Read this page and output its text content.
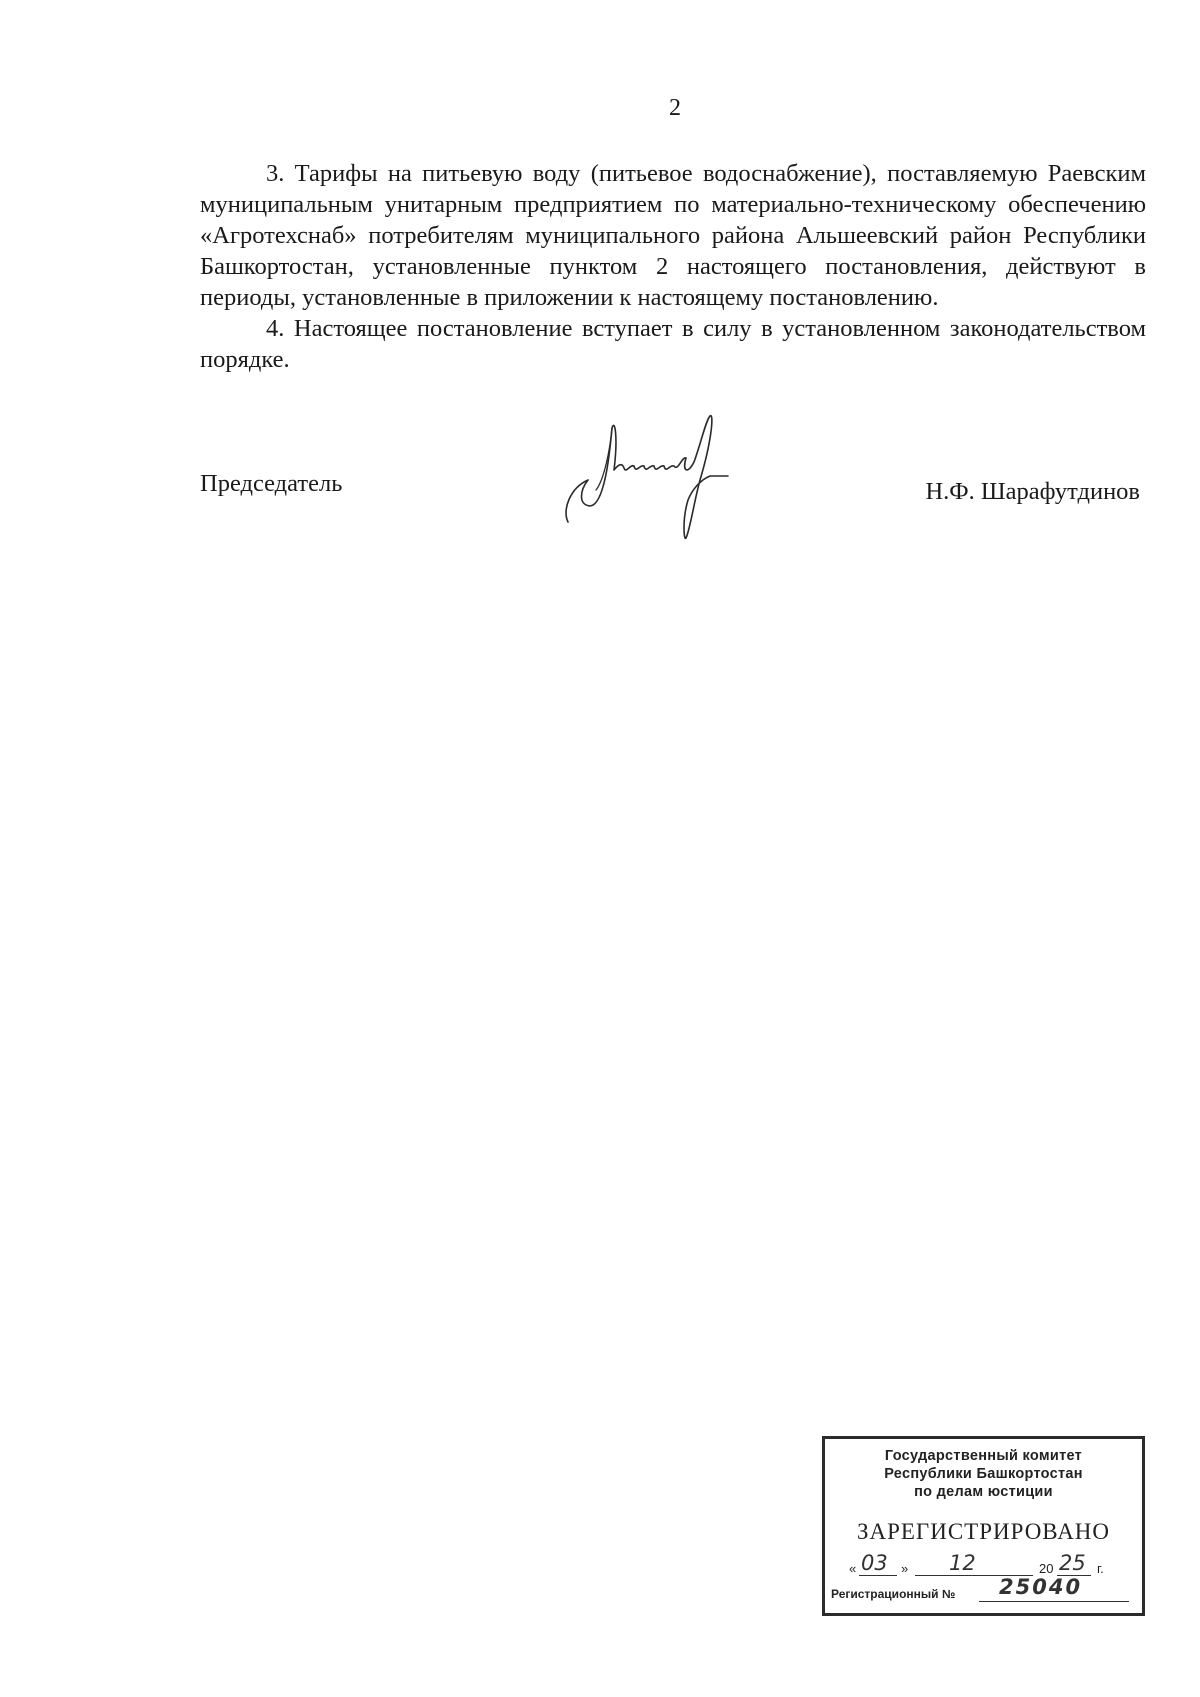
2

3. Тарифы на питьевую воду (питьевое водоснабжение), поставляемую Раевским муниципальным унитарным предприятием по материально-техническому обеспечению «Агротехснаб» потребителям муниципального района Альшеевский район Республики Башкортостан, установленные пунктом 2 настоящего постановления, действуют в периоды, установленные в приложении к настоящему постановлению.

4. Настоящее постановление вступает в силу в установленном законодательством порядке.

Председатель	Н.Ф. Шарафутдинов
Государственный комитет
Республики Башкортостан
по делам юстиции
ЗАРЕГИСТРИРОВАНО
« 03 » 12	20 25 г.
Регистрационный № 25040
